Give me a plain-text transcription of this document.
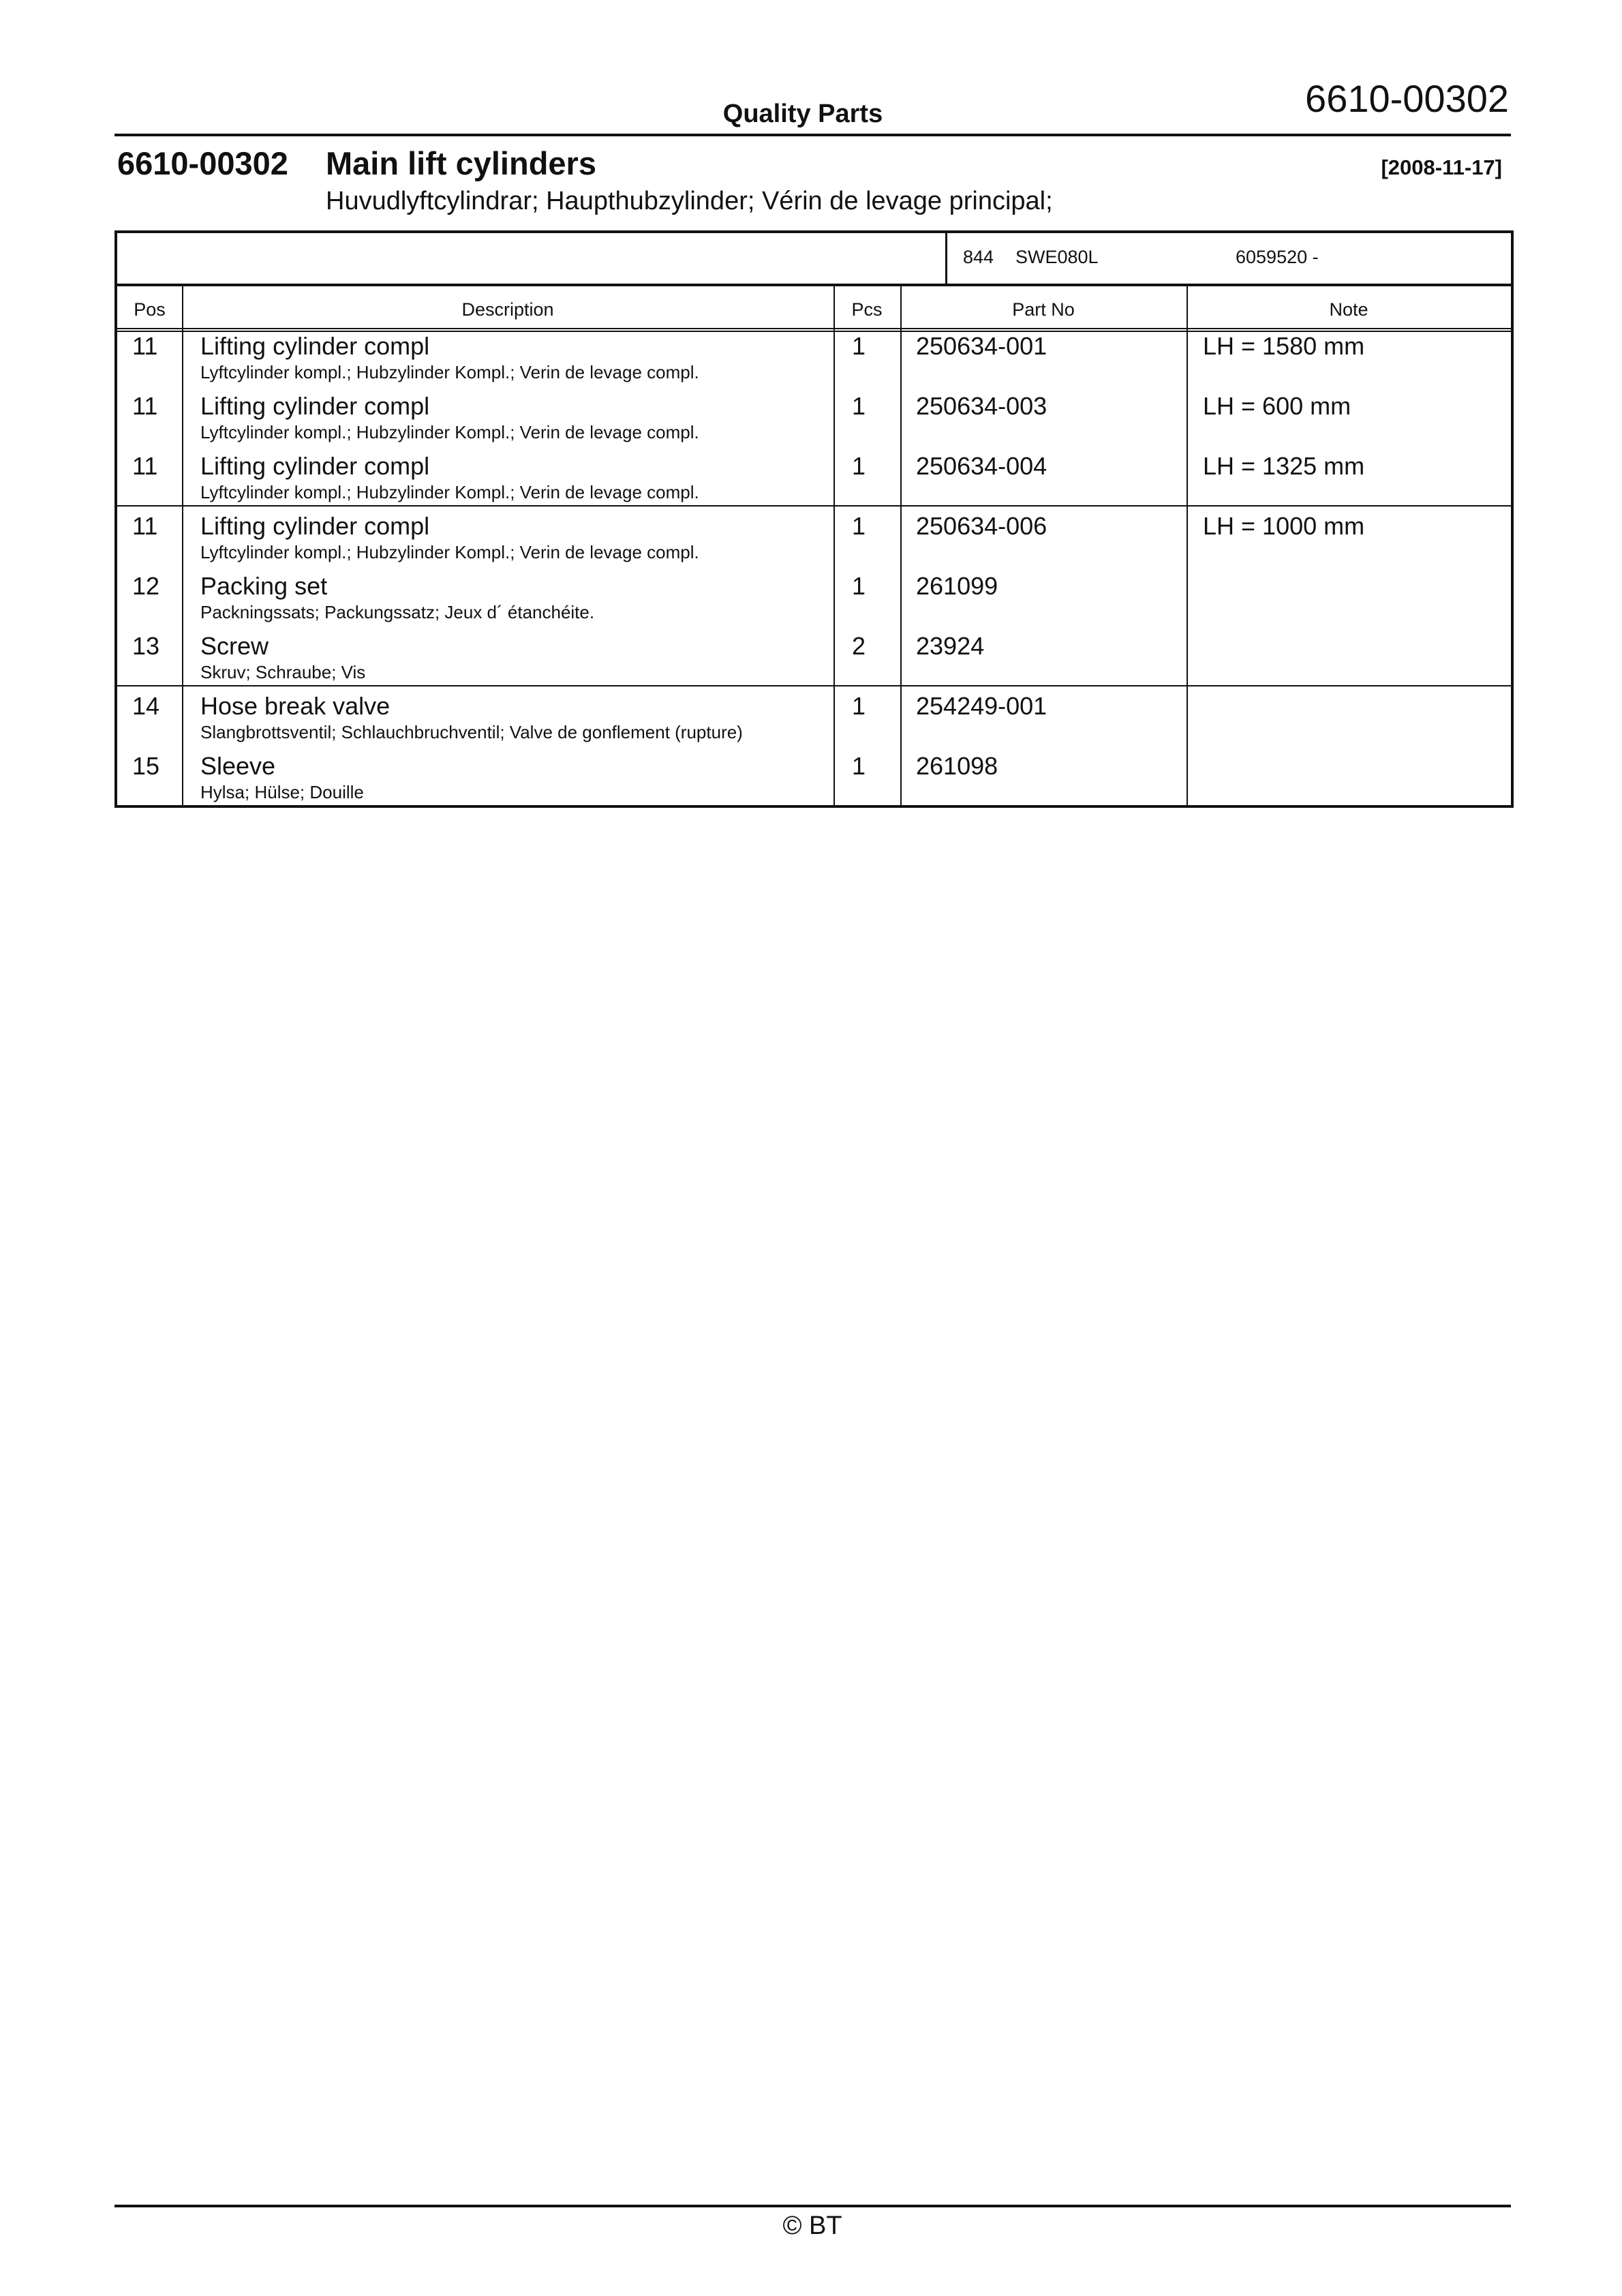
Quality Parts	6610-00302
6610-00302 Main lift cylinders	[2008-11-17]
Huvudlyftcylindrar; Haupthubzylinder; Vérin de levage principal;
844 SWE080L	6059520 -
Pos	Description	Pcs	Part No	Note
11 Lifting cylinder compl
Lyftcylinder kompl.; Hubzylinder Kompl.; Verin de levage compl.
1 250634-001	LH = 1580 mm
11 Lifting cylinder compl
Lyftcylinder kompl.; Hubzylinder Kompl.; Verin de levage compl.
1 250634-003	LH = 600 mm
11 Lifting cylinder compl
Lyftcylinder kompl.; Hubzylinder Kompl.; Verin de levage compl.
1 250634-004	LH = 1325 mm
11 Lifting cylinder compl
Lyftcylinder kompl.; Hubzylinder Kompl.; Verin de levage compl.
1 250634-006	LH = 1000 mm
12 Packing set
Packningssats; Packungssatz; Jeux d´ étanchéite.
1 261099
13 Screw
Skruv; Schraube; Vis
2 23924
14 Hose break valve
Slangbrottsventil; Schlauchbruchventil; Valve de gonflement (rupture)
1 254249-001
15 Sleeve
Hylsa; Hülse; Douille
1 261098
© BT
